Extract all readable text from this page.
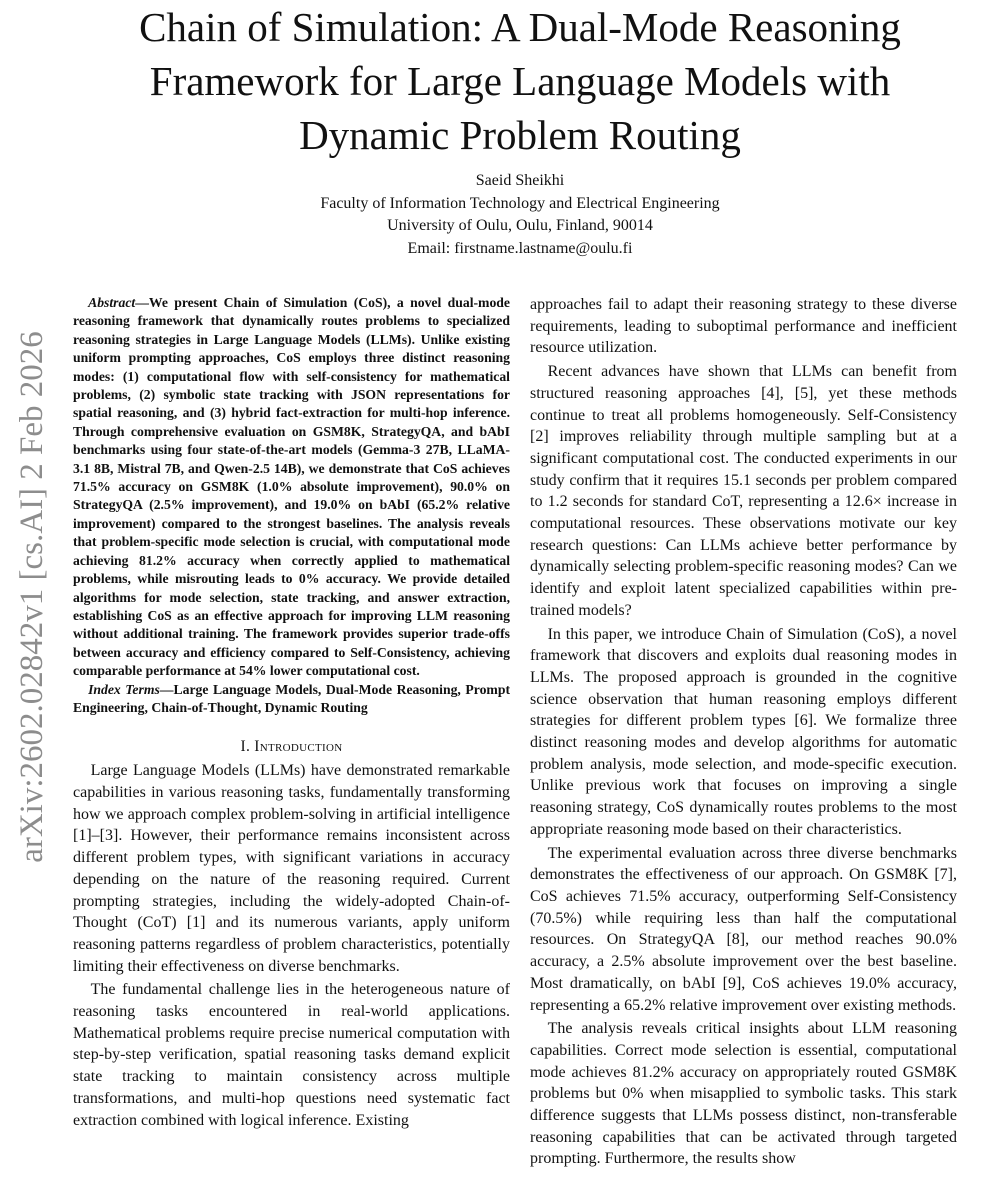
arXiv:2602.02842v1 [cs.AI] 2 Feb 2026
Chain of Simulation: A Dual-Mode Reasoning
Framework for Large Language Models with
Dynamic Problem Routing
Saeid Sheikhi
Faculty of Information Technology and Electrical Engineering
University of Oulu, Oulu, Finland, 90014
Email: firstname.lastname@oulu.fi

Abstract—We present Chain of Simulation (CoS), a novel dual-mode reasoning framework that dynamically routes problems to specialized reasoning strategies in Large Language Models (LLMs). Unlike existing uniform prompting approaches, CoS employs three distinct reasoning modes: (1) computational flow with self-consistency for mathematical problems, (2) symbolic state tracking with JSON representations for spatial reasoning, and (3) hybrid fact-extraction for multi-hop inference. Through comprehensive evaluation on GSM8K, StrategyQA, and bAbI benchmarks using four state-of-the-art models (Gemma-3 27B, LLaMA-3.1 8B, Mistral 7B, and Qwen-2.5 14B), we demonstrate that CoS achieves 71.5% accuracy on GSM8K (1.0% absolute improvement), 90.0% on StrategyQA (2.5% improvement), and 19.0% on bAbI (65.2% relative improvement) compared to the strongest baselines. The analysis reveals that problem-specific mode selection is crucial, with computational mode achieving 81.2% accuracy when correctly applied to mathematical problems, while misrouting leads to 0% accuracy. We provide detailed algorithms for mode selection, state tracking, and answer extraction, establishing CoS as an effective approach for improving LLM reasoning without additional training. The framework provides superior trade-offs between accuracy and efficiency compared to Self-Consistency, achieving comparable performance at 54% lower computational cost.

Index Terms—Large Language Models, Dual-Mode Reasoning, Prompt Engineering, Chain-of-Thought, Dynamic Routing

I. Introduction

Large Language Models (LLMs) have demonstrated remarkable capabilities in various reasoning tasks, fundamentally transforming how we approach complex problem-solving in artificial intelligence [1]–[3]. However, their performance remains inconsistent across different problem types, with significant variations in accuracy depending on the nature of the reasoning required. Current prompting strategies, including the widely-adopted Chain-of-Thought (CoT) [1] and its numerous variants, apply uniform reasoning patterns regardless of problem characteristics, potentially limiting their effectiveness on diverse benchmarks.

The fundamental challenge lies in the heterogeneous nature of reasoning tasks encountered in real-world applications. Mathematical problems require precise numerical computation with step-by-step verification, spatial reasoning tasks demand explicit state tracking to maintain consistency across multiple transformations, and multi-hop questions need systematic fact extraction combined with logical inference. Existing

approaches fail to adapt their reasoning strategy to these diverse requirements, leading to suboptimal performance and inefficient resource utilization.

Recent advances have shown that LLMs can benefit from structured reasoning approaches [4], [5], yet these methods continue to treat all problems homogeneously. Self-Consistency [2] improves reliability through multiple sampling but at a significant computational cost. The conducted experiments in our study confirm that it requires 15.1 seconds per problem compared to 1.2 seconds for standard CoT, representing a 12.6× increase in computational resources. These observations motivate our key research questions: Can LLMs achieve better performance by dynamically selecting problem-specific reasoning modes? Can we identify and exploit latent specialized capabilities within pre-trained models?

In this paper, we introduce Chain of Simulation (CoS), a novel framework that discovers and exploits dual reasoning modes in LLMs. The proposed approach is grounded in the cognitive science observation that human reasoning employs different strategies for different problem types [6]. We formalize three distinct reasoning modes and develop algorithms for automatic problem analysis, mode selection, and mode-specific execution. Unlike previous work that focuses on improving a single reasoning strategy, CoS dynamically routes problems to the most appropriate reasoning mode based on their characteristics.

The experimental evaluation across three diverse benchmarks demonstrates the effectiveness of our approach. On GSM8K [7], CoS achieves 71.5% accuracy, outperforming Self-Consistency (70.5%) while requiring less than half the computational resources. On StrategyQA [8], our method reaches 90.0% accuracy, a 2.5% absolute improvement over the best baseline. Most dramatically, on bAbI [9], CoS achieves 19.0% accuracy, representing a 65.2% relative improvement over existing methods.

The analysis reveals critical insights about LLM reasoning capabilities. Correct mode selection is essential, computational mode achieves 81.2% accuracy on appropriately routed GSM8K problems but 0% when misapplied to symbolic tasks. This stark difference suggests that LLMs possess distinct, non-transferable reasoning capabilities that can be activated through targeted prompting. Furthermore, the results show
